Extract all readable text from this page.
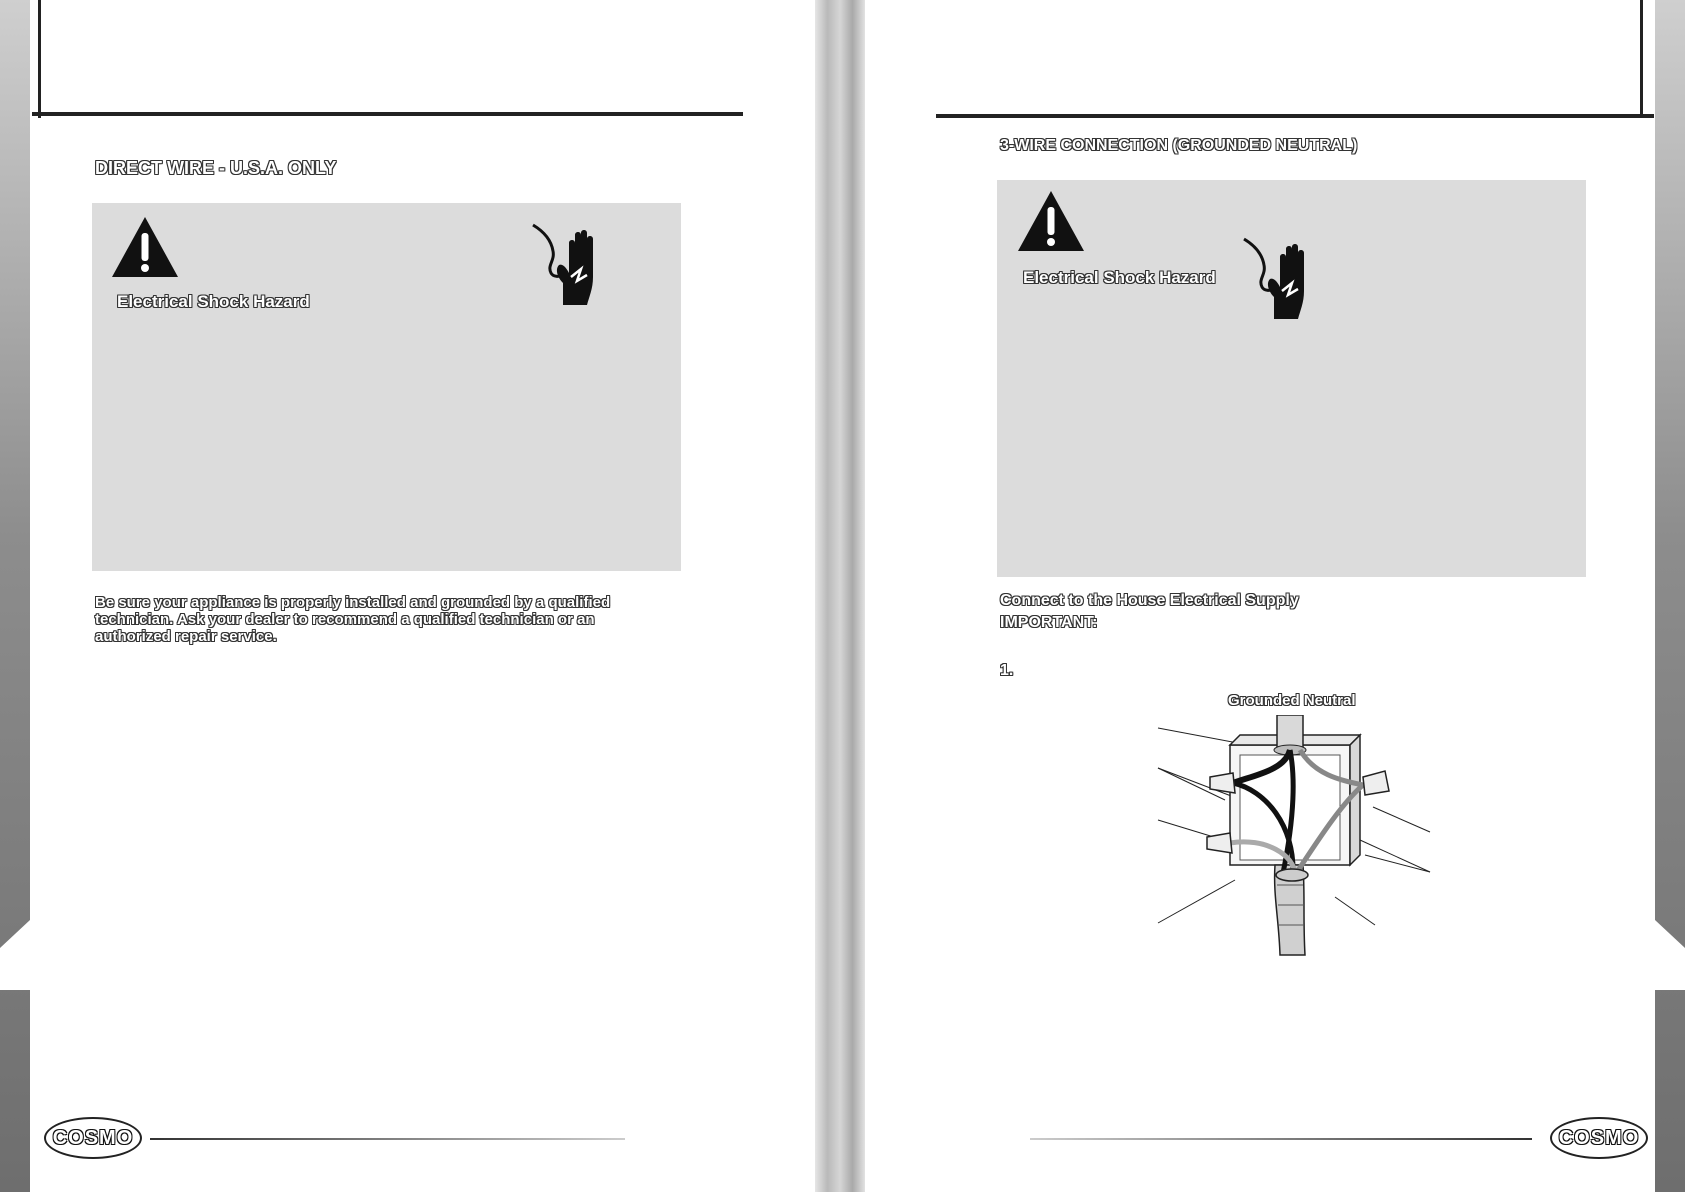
DIRECT WIRE - U.S.A. ONLY
Electrical Shock Hazard
Be sure your appliance is properly installed and grounded by a qualified technician. Ask your dealer to recommend a qualified technician or an authorized repair service.
COSMO
3-WIRE CONNECTION (GROUNDED NEUTRAL)
Electrical Shock Hazard
Connect to the House Electrical Supply
IMPORTANT:
1.
Grounded Neutral
COSMO
